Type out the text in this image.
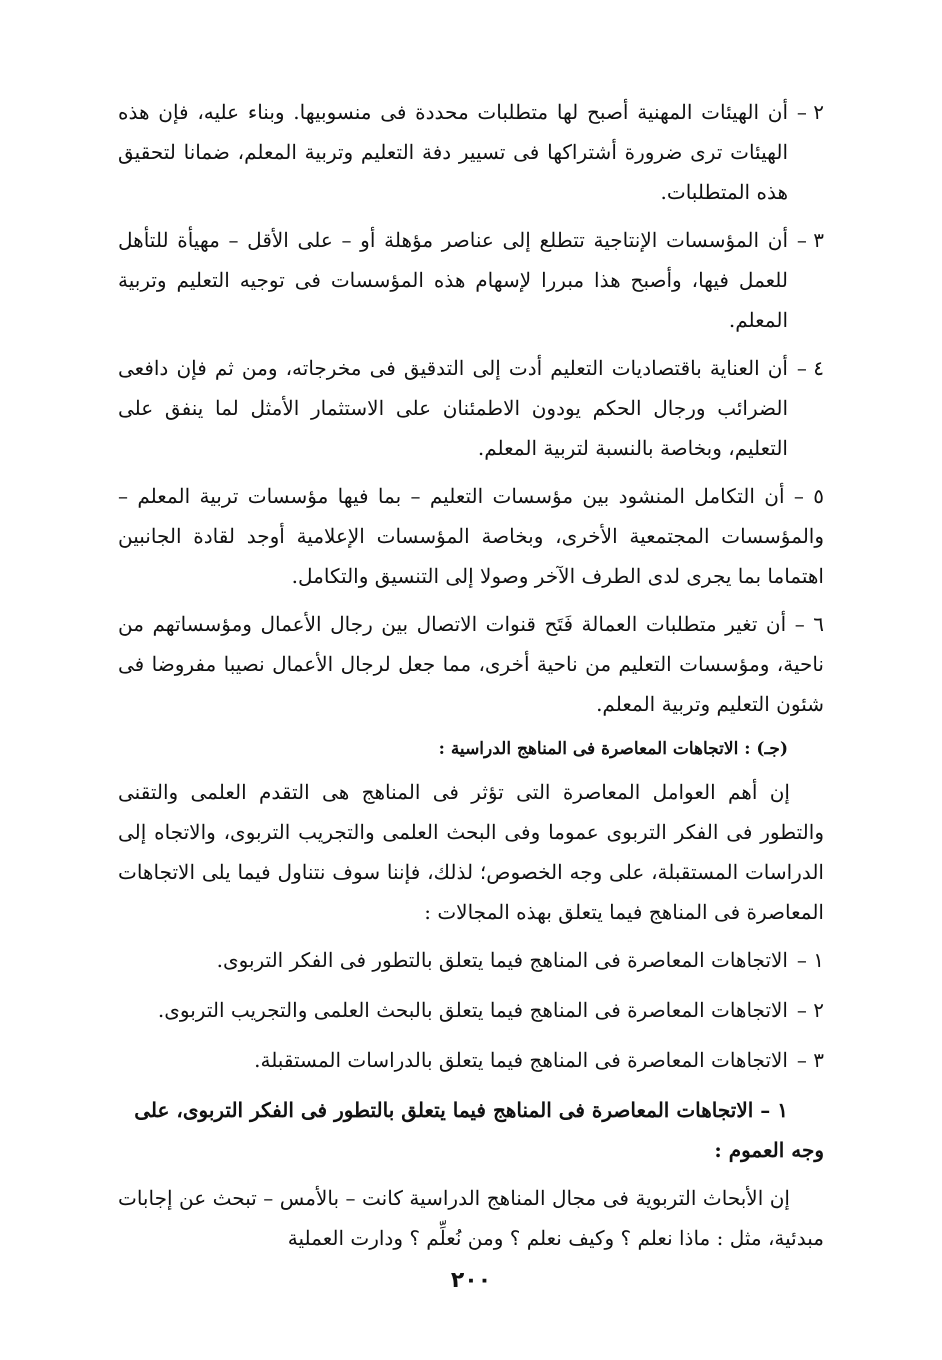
٢ –
أن الهيئات المهنية أصبح لها متطلبات محددة فى منسوبيها. وبناء عليه، فإن هذه الهيئات ترى ضرورة أشتراكها فى تسيير دفة التعليم وتربية المعلم، ضمانا لتحقيق هذه المتطلبات.
٣ –
أن المؤسسات الإنتاجية تتطلع إلى عناصر مؤهلة أو – على الأقل – مهيأة للتأهل للعمل فيها، وأصبح هذا مبررا لإسهام هذه المؤسسات فى توجيه التعليم وتربية المعلم.
٤ –
أن العناية باقتصاديات التعليم أدت إلى التدقيق فى مخرجاته، ومن ثم فإن دافعى الضرائب ورجال الحكم يودون الاطمئنان على الاستثمار الأمثل لما ينفق على التعليم، وبخاصة بالنسبة لتربية المعلم.
٥ – أن التكامل المنشود بين مؤسسات التعليم – بما فيها مؤسسات تربية المعلم – والمؤسسات المجتمعية الأخرى، وبخاصة المؤسسات الإعلامية أوجد لقادة الجانبين اهتماما بما يجرى لدى الطرف الآخر وصولا إلى التنسيق والتكامل.
٦ – أن تغير متطلبات العمالة فَتَح قنوات الاتصال بين رجال الأعمال ومؤسساتهم من ناحية، ومؤسسات التعليم من ناحية أخرى، مما جعل لرجال الأعمال نصيبا مفروضا فى شئون التعليم وتربية المعلم.
(جـ) : الاتجاهات المعاصرة فى المناهج الدراسية :

إن أهم العوامل المعاصرة التى تؤثر فى المناهج هى التقدم العلمى والتقنى والتطور فى الفكر التربوى عموما وفى البحث العلمى والتجريب التربوى، والاتجاه إلى الدراسات المستقبلة، على وجه الخصوص؛ لذلك، فإننا سوف نتناول فيما يلى الاتجاهات المعاصرة فى المناهج فيما يتعلق بهذه المجالات :

١ –
الاتجاهات المعاصرة فى المناهج فيما يتعلق بالتطور فى الفكر التربوى.
٢ –
الاتجاهات المعاصرة فى المناهج فيما يتعلق بالبحث العلمى والتجريب التربوى.
٣ –
الاتجاهات المعاصرة فى المناهج فيما يتعلق بالدراسات المستقبلة.
١ – الاتجاهات المعاصرة فى المناهج فيما يتعلق بالتطور فى الفكر التربوى، على وجه العموم :

إن الأبحاث التربوية فى مجال المناهج الدراسية كانت – بالأمس – تبحث عن إجابات مبدئية، مثل : ماذا نعلم ؟ وكيف نعلم ؟ ومن نُعلِّم ؟ ودارت العملية

٢٠٠
